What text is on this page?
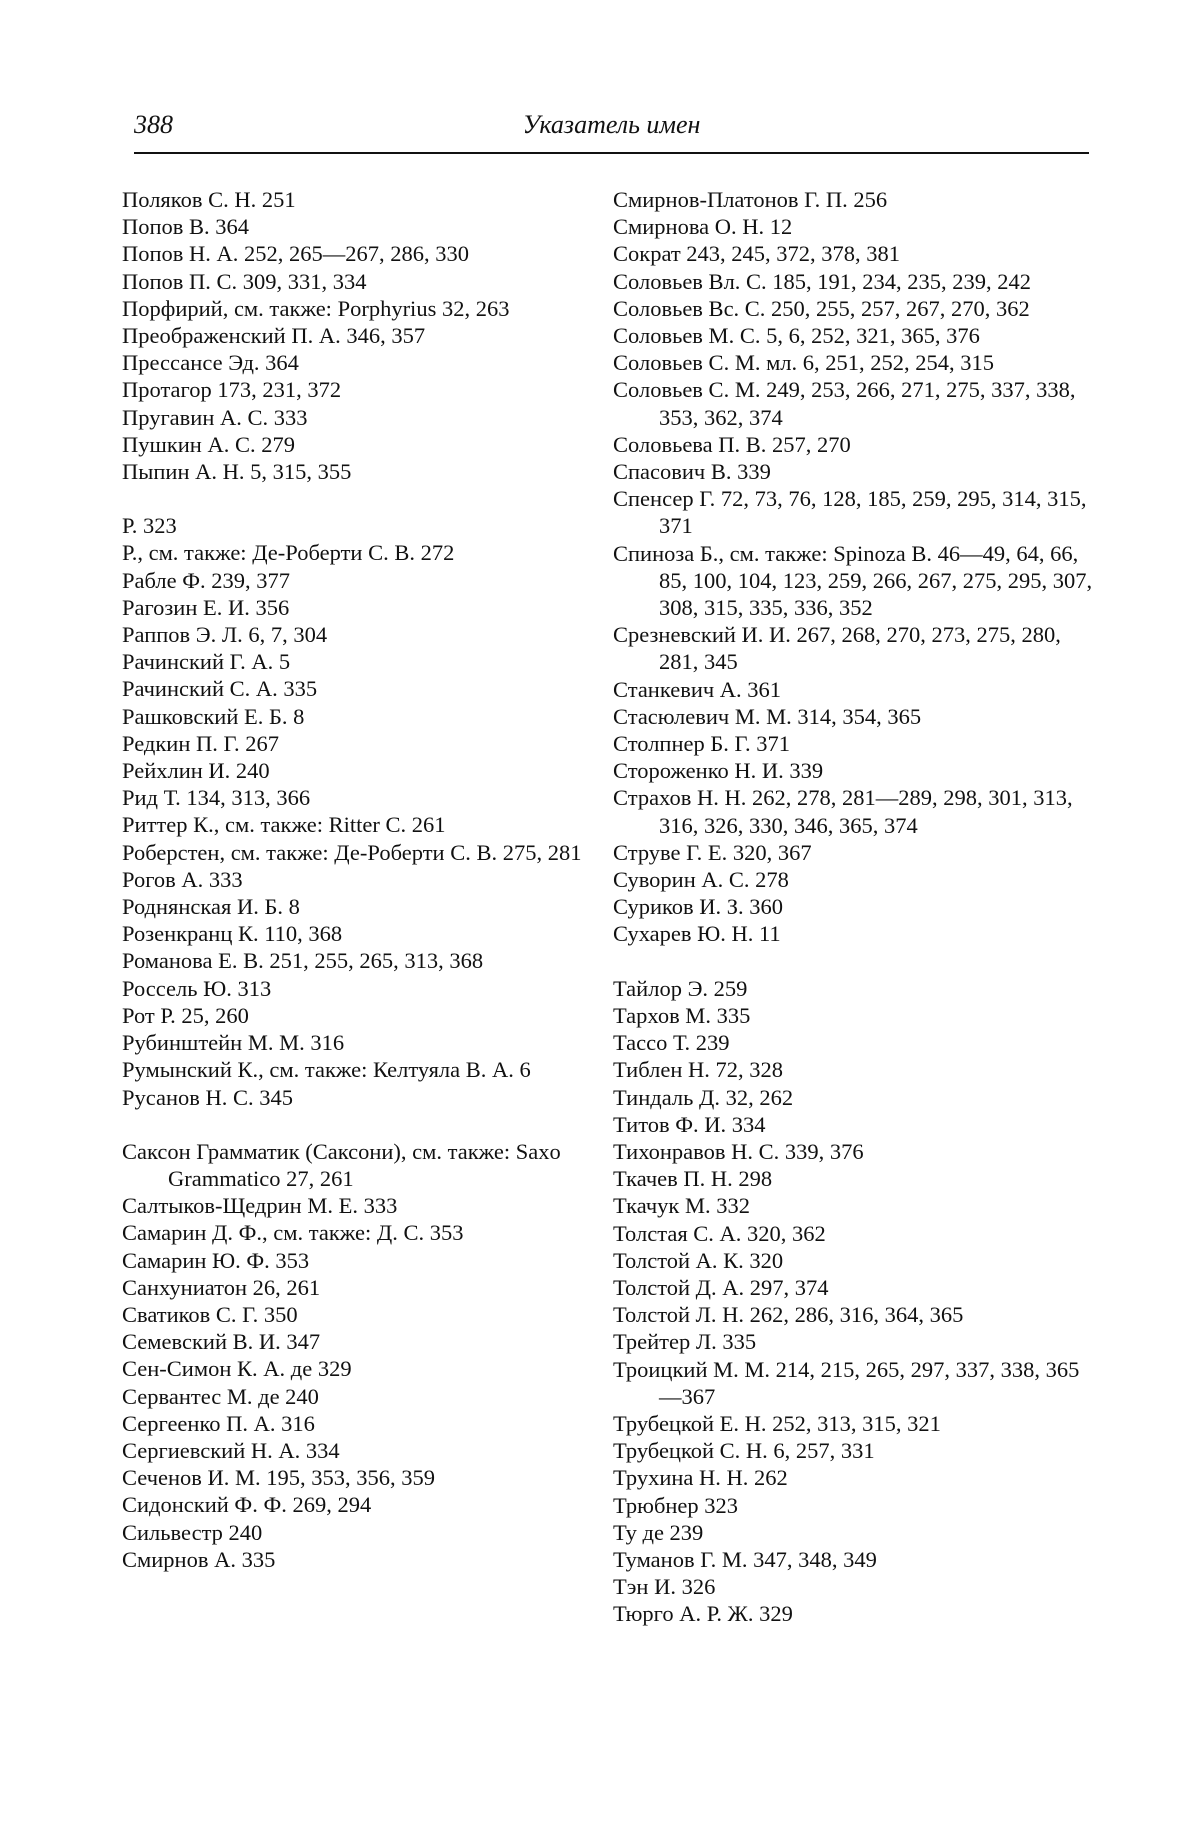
388	Указатель имен
Поляков С. Н. 251
Попов В. 364
Попов Н. А. 252, 265—267, 286, 330
Попов П. С. 309, 331, 334
Порфирий, см. также: Porphyrius 32, 263
Преображенский П. А. 346, 357
Прессансе Эд. 364
Протагор 173, 231, 372
Пругавин А. С. 333
Пушкин А. С. 279
Пыпин А. Н. 5, 315, 355
Р. 323
Р., см. также: Де-Роберти С. В. 272
Рабле Ф. 239, 377
Рагозин Е. И. 356
Раппов Э. Л. 6, 7, 304
Рачинский Г. А. 5
Рачинский С. А. 335
Рашковский Е. Б. 8
Редкин П. Г. 267
Рейхлин И. 240
Рид Т. 134, 313, 366
Риттер К., см. также: Ritter C. 261
Роберстен, см. также: Де-Роберти С. В. 275, 281
Рогов А. 333
Роднянская И. Б. 8
Розенкранц К. 110, 368
Романова Е. В. 251, 255, 265, 313, 368
Россель Ю. 313
Рот Р. 25, 260
Рубинштейн М. М. 316
Румынский К., см. также: Келтуяла В. А. 6
Русанов Н. С. 345
Саксон Грамматик (Саксони), см. также: Saxo Grammatico 27, 261
Салтыков-Щедрин М. Е. 333
Самарин Д. Ф., см. также: Д. С. 353
Самарин Ю. Ф. 353
Санхуниатон 26, 261
Сватиков С. Г. 350
Семевский В. И. 347
Сен-Симон К. А. де 329
Сервантес М. де 240
Сергеенко П. А. 316
Сергиевский Н. А. 334
Сеченов И. М. 195, 353, 356, 359
Сидонский Ф. Ф. 269, 294
Сильвестр 240
Смирнов А. 335
Смирнов-Платонов Г. П. 256
Смирнова О. Н. 12
Сократ 243, 245, 372, 378, 381
Соловьев Вл. С. 185, 191, 234, 235, 239, 242
Соловьев Вс. С. 250, 255, 257, 267, 270, 362
Соловьев М. С. 5, 6, 252, 321, 365, 376
Соловьев С. М. мл. 6, 251, 252, 254, 315
Соловьев С. М. 249, 253, 266, 271, 275, 337, 338, 353, 362, 374
Соловьева П. В. 257, 270
Спасович В. 339
Спенсер Г. 72, 73, 76, 128, 185, 259, 295, 314, 315, 371
Спиноза Б., см. также: Spinoza B. 46—49, 64, 66, 85, 100, 104, 123, 259, 266, 267, 275, 295, 307, 308, 315, 335, 336, 352
Срезневский И. И. 267, 268, 270, 273, 275, 280, 281, 345
Станкевич А. 361
Стасюлевич М. М. 314, 354, 365
Столпнер Б. Г. 371
Стороженко Н. И. 339
Страхов Н. Н. 262, 278, 281—289, 298, 301, 313, 316, 326, 330, 346, 365, 374
Струве Г. Е. 320, 367
Суворин А. С. 278
Суриков И. З. 360
Сухарев Ю. Н. 11
Тайлор Э. 259
Тархов М. 335
Тассо Т. 239
Тиблен Н. 72, 328
Тиндаль Д. 32, 262
Титов Ф. И. 334
Тихонравов Н. С. 339, 376
Ткачев П. Н. 298
Ткачук М. 332
Толстая С. А. 320, 362
Толстой А. К. 320
Толстой Д. А. 297, 374
Толстой Л. Н. 262, 286, 316, 364, 365
Трейтер Л. 335
Троицкий М. М. 214, 215, 265, 297, 337, 338, 365—367
Трубецкой Е. Н. 252, 313, 315, 321
Трубецкой С. Н. 6, 257, 331
Трухина Н. Н. 262
Трюбнер 323
Ту де 239
Туманов Г. М. 347, 348, 349
Тэн И. 326
Тюрго А. Р. Ж. 329
